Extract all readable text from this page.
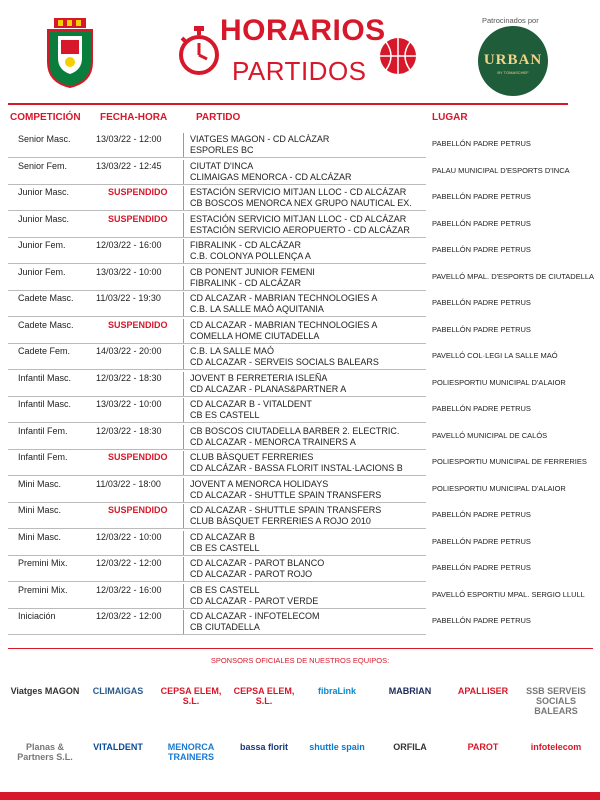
HORARIOS
PARTIDOS
Patrocinados por
URBAN
BY TOMASCHEF
COMPETICIÓN FECHA-HORA	PARTIDO	LUGAR
Senior Masc.	13/03/22 - 12:00	VIATGES MAGON - CD ALCÀZAR
ESPORLES BC
PABELLÓN PADRE PETRUS
Senior Fem.	13/03/22 - 12:45	CIUTAT D'INCA
CLIMAIGAS MENORCA - CD ALCÁZAR
PALAU MUNICIPAL D'ESPORTS D'INCA
Junior Masc.	SUSPENDIDO ESTACIÓN SERVICIO MITJAN LLOC - CD ALCÁZAR
CB BOSCOS MENORCA NEX GRUPO NAUTICAL EX.
PABELLÓN PADRE PETRUS
Junior Masc.	SUSPENDIDO ESTACIÓN SERVICIO MITJAN LLOC - CD ALCÁZAR
ESTACIÓN SERVICIO AEROPUERTO - CD ALCÁZAR
PABELLÓN PADRE PETRUS
Junior Fem.	12/03/22 - 16:00	FIBRALINK - CD ALCÁZAR
C.B. COLONYA POLLENÇA A
PABELLÓN PADRE PETRUS
Junior Fem.	13/03/22 - 10:00	CB PONENT JUNIOR FEMENI
FIBRALINK - CD ALCÁZAR
PAVELLÓ MPAL. D'ESPORTS DE CIUTADELLA
Cadete Masc. 11/03/22 - 19:30	CD ALCAZAR - MABRIAN TECHNOLOGIES A
C.B. LA SALLE MAÓ AQUITANIA
PABELLÓN PADRE PETRUS
Cadete Masc.	SUSPENDIDO CD ALCAZAR - MABRIAN TECHNOLOGIES A
COMELLA HOME CIUTADELLA
PABELLÓN PADRE PETRUS
Cadete Fem.	14/03/22 - 20:00	C.B. LA SALLE MAÓ
CD ALCAZAR - SERVEIS SOCIALS BALEARS
PAVELLÓ COL·LEGI LA SALLE MAÓ
Infantil Masc.	12/03/22 - 18:30	JOVENT B FERRETERIA ISLEÑA
CD ALCAZAR - PLANAS&PARTNER A
POLIESPORTIU MUNICIPAL D'ALAIOR
Infantil Masc.	13/03/22 - 10:00	CD ALCAZAR B - VITALDENT
CB ES CASTELL
PABELLÓN PADRE PETRUS
Infantil Fem.	12/03/22 - 18:30	CB BOSCOS CIUTADELLA BARBER 2. ELECTRIC.
CD ALCAZAR - MENORCA TRAINERS A
PAVELLÓ MUNICIPAL DE CALÓS
Infantil Fem.	SUSPENDIDO CLUB BÀSQUET FERRERIES
CD ALCÁZAR - BASSA FLORIT INSTAL·LACIONS B
POLIESPORTIU MUNICIPAL DE FERRERIES
Mini Masc.	11/03/22 - 18:00	JOVENT A MENORCA HOLIDAYS
CD ALCAZAR - SHUTTLE SPAIN TRANSFERS
POLIESPORTIU MUNICIPAL D'ALAIOR
Mini Masc.	SUSPENDIDO CD ALCAZAR - SHUTTLE SPAIN TRANSFERS
CLUB BÀSQUET FERRERIES A ROJO 2010
PABELLÓN PADRE PETRUS
Mini Masc.	12/03/22 - 10:00	CD ALCAZAR B
CB ES CASTELL
PABELLÓN PADRE PETRUS
Premini Mix.	12/03/22 - 12:00	CD ALCAZAR - PAROT BLANCO
CD ALCAZAR - PAROT ROJO
PABELLÓN PADRE PETRUS
Premini Mix.	12/03/22 - 16:00	CB ES CASTELL
CD ALCAZAR - PAROT VERDE
PAVELLÓ ESPORTIU MPAL. SERGIO LLULL
Iniciación	12/03/22 - 12:00	CD ALCAZAR - INFOTELECOM
CB CIUTADELLA
PABELLÓN PADRE PETRUS
SPONSORS OFICIALES DE NUESTROS EQUIPOS:
Viatges MAGON	CLIMAIGAS	CEPSA ELEM, S.L.
CEPSA ELEM, S.L.
fibraLink	MABRIAN	APALLISER	SSB SERVEIS SOCIALS BALEARS
Planas & Partners S.L.
VITALDENT	MENORCA TRAINERS
bassa florit	shuttle spain	ORFILA	PAROT	infotelecom
